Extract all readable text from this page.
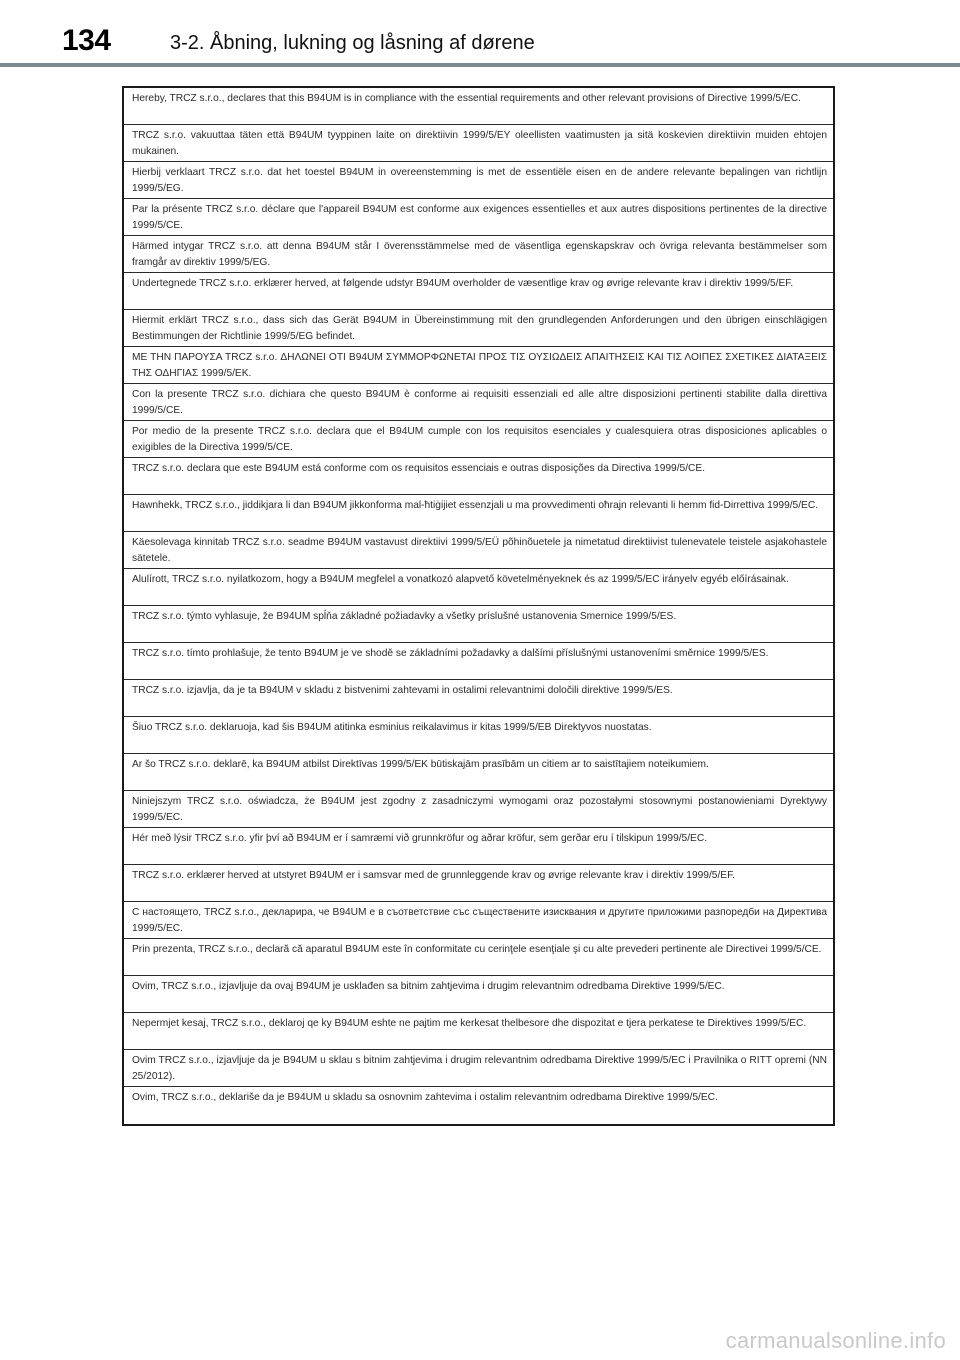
134	3-2. Åbning, lukning og låsning af dørene
Hereby, TRCZ s.r.o., declares that this B94UM is in compliance with the essential requirements and other relevant provisions of Directive 1999/5/EC.
TRCZ s.r.o. vakuuttaa täten että B94UM tyyppinen laite on direktiivin 1999/5/EY oleellisten vaatimusten ja sitä koskevien direktiivin muiden ehtojen mukainen.
Hierbij verklaart TRCZ s.r.o. dat het toestel B94UM in overeenstemming is met de essentiële eisen en de andere relevante bepalingen van richtlijn 1999/5/EG.
Par la présente TRCZ s.r.o. déclare que l'appareil B94UM est conforme aux exigences essentielles et aux autres dispositions pertinentes de la directive 1999/5/CE.
Härmed intygar TRCZ s.r.o. att denna B94UM står I överensstämmelse med de väsentliga egenskapskrav och övriga relevanta bestämmelser som framgår av direktiv 1999/5/EG.
Undertegnede TRCZ s.r.o. erklærer herved, at følgende udstyr B94UM overholder de væsentlige krav og øvrige relevante krav i direktiv 1999/5/EF.
Hiermit erklärt TRCZ s.r.o., dass sich das Gerät B94UM in Übereinstimmung mit den grundlegenden Anforderungen und den übrigen einschlägigen Bestimmungen der Richtlinie 1999/5/EG befindet.
ΜΕ ΤΗΝ ΠΑΡΟΥΣΑ TRCZ s.r.o. ΔΗΛΩΝΕΙ ΟΤΙ B94UM ΣΥΜΜΟΡΦΩΝΕΤΑΙ ΠΡΟΣ ΤΙΣ ΟΥΣΙΩΔΕΙΣ ΑΠΑΙΤΗΣΕΙΣ ΚΑΙ ΤΙΣ ΛΟΙΠΕΣ ΣΧΕΤΙΚΕΣ ΔΙΑΤΑΞΕΙΣ ΤΗΣ ΟΔΗΓΙΑΣ 1999/5/ΕΚ.
Con la presente TRCZ s.r.o. dichiara che questo B94UM è conforme ai requisiti essenziali ed alle altre disposizioni pertinenti stabilite dalla direttiva 1999/5/CE.
Por medio de la presente TRCZ s.r.o. declara que el B94UM cumple con los requisitos esenciales y cualesquiera otras disposiciones aplicables o exigibles de la Directiva 1999/5/CE.
TRCZ s.r.o. declara que este B94UM está conforme com os requisitos essenciais e outras disposições da Directiva 1999/5/CE.
Hawnhekk, TRCZ s.r.o., jiddikjara li dan B94UM jikkonforma mal-ħtiġijiet essenzjali u ma provvedimenti oħrajn relevanti li hemm fid-Dirrettiva 1999/5/EC.
Käesolevaga kinnitab TRCZ s.r.o. seadme B94UM vastavust direktiivi 1999/5/EÜ põhinõuetele ja nimetatud direktiivist tulenevatele teistele asjakohastele sätetele.
Alulírott, TRCZ s.r.o. nyilatkozom, hogy a B94UM megfelel a vonatkozó alapvető követelményeknek és az 1999/5/EC irányelv egyéb előírásainak.
TRCZ s.r.o. týmto vyhlasuje, že B94UM spĺňa základné požiadavky a všetky príslušné ustanovenia Smernice 1999/5/ES.
TRCZ s.r.o. tímto prohlašuje, že tento B94UM je ve shodě se základními požadavky a dalšími příslušnými ustanoveními směrnice 1999/5/ES.
TRCZ s.r.o. izjavlja, da je ta B94UM v skladu z bistvenimi zahtevami in ostalimi relevantnimi določili direktive 1999/5/ES.
Šiuo TRCZ s.r.o. deklaruoja, kad šis B94UM atitinka esminius reikalavimus ir kitas 1999/5/EB Direktyvos nuostatas.
Ar šo TRCZ s.r.o. deklarē, ka B94UM atbilst Direktīvas 1999/5/EK būtiskajām prasībām un citiem ar to saistītajiem noteikumiem.
Niniejszym TRCZ s.r.o. oświadcza, że B94UM jest zgodny z zasadniczymi wymogami oraz pozostałymi stosownymi postanowieniami Dyrektywy 1999/5/EC.
Hér með lýsir TRCZ s.r.o. yfir því að B94UM er í samræmi við grunnkröfur og aðrar kröfur, sem gerðar eru í tilskipun 1999/5/EC.
TRCZ s.r.o. erklærer herved at utstyret B94UM er i samsvar med de grunnleggende krav og øvrige relevante krav i direktiv 1999/5/EF.
С настоящето, TRCZ s.r.o., декларира, че B94UM е в съответствие със съществените изисквания и другите приложими разпоредби на Директива 1999/5/EC.
Prin prezenta, TRCZ s.r.o., declară că aparatul B94UM este în conformitate cu cerinţele esenţiale şi cu alte prevederi pertinente ale Directivei 1999/5/CE.
Ovim, TRCZ s.r.o., izjavljuje da ovaj B94UM je usklađen sa bitnim zahtjevima i drugim relevantnim odredbama Direktive 1999/5/EC.
Nepermjet kesaj, TRCZ s.r.o., deklaroj qe ky B94UM eshte ne pajtim me kerkesat thelbesore dhe dispozitat e tjera perkatese te Direktives 1999/5/EC.
Ovim TRCZ s.r.o., izjavljuje da je B94UM u sklau s bitnim zahtjevima i drugim relevantnim odredbama Direktive 1999/5/EC i Pravilnika o RITT opremi (NN 25/2012).
Ovim, TRCZ s.r.o., deklariše da je B94UM u skladu sa osnovnim zahtevima i ostalim relevantnim odredbama Direktive 1999/5/EC.
carmanualsonline.info
